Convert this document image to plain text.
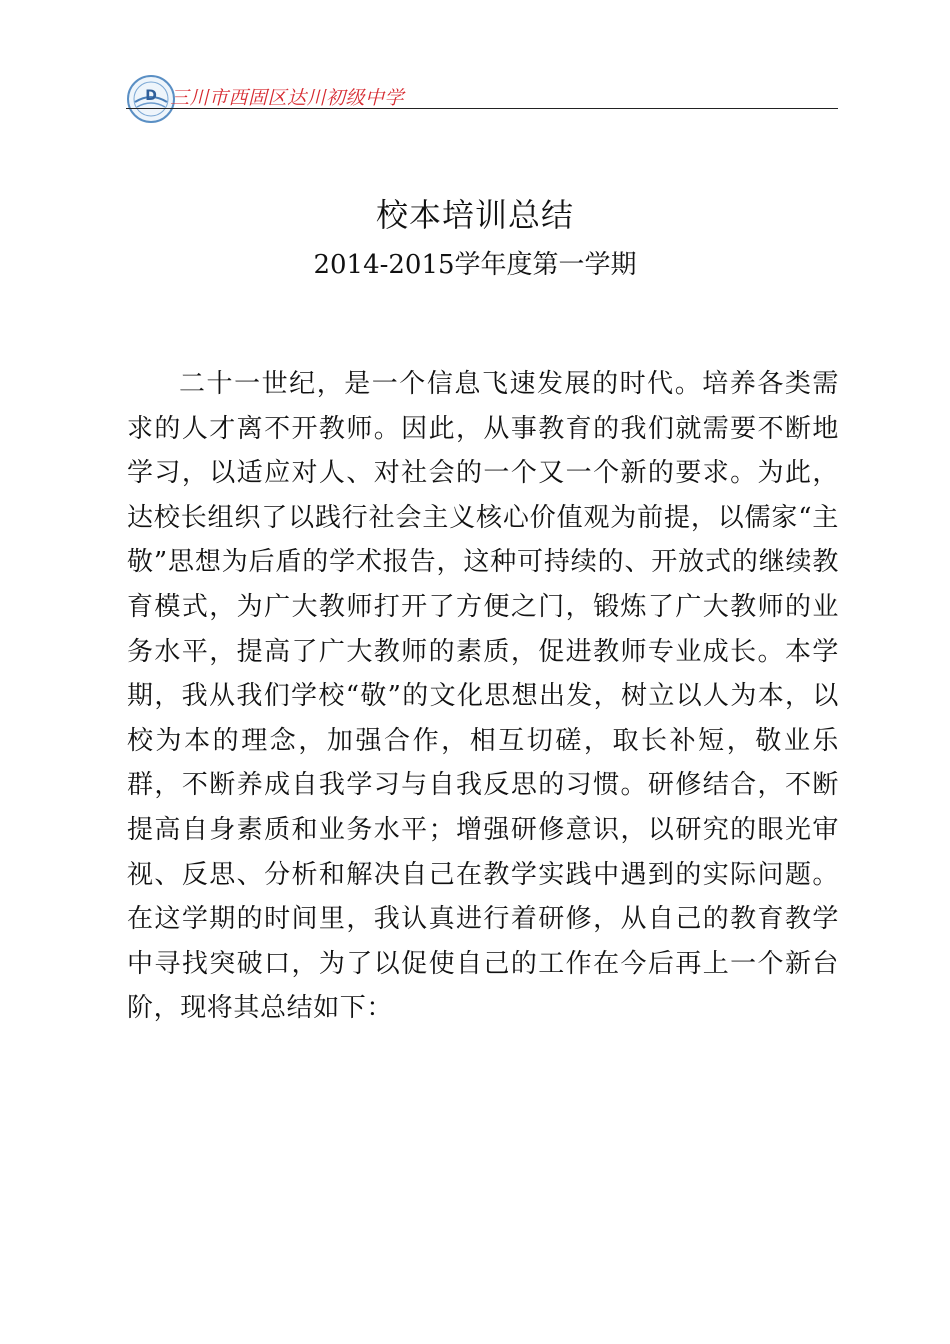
D 三川市西固区达川初级中学
校本培训总结
2014-2015学年度第一学期

二十一世纪，是一个信息飞速发展的时代。培养各类需求的人才离不开教师。因此，从事教育的我们就需要不断地学习，以适应对人、对社会的一个又一个新的要求。为此，达校长组织了以践行社会主义核心价值观为前提，以儒家“主敬”思想为后盾的学术报告，这种可持续的、开放式的继续教育模式，为广大教师打开了方便之门，锻炼了广大教师的业务水平，提高了广大教师的素质，促进教师专业成长。本学期，我从我们学校“敬”的文化思想出发，树立以人为本，以校为本的理念，加强合作，相互切磋，取长补短，敬业乐群，不断养成自我学习与自我反思的习惯。研修结合，不断提高自身素质和业务水平；增强研修意识，以研究的眼光审视、反思、分析和解决自己在教学实践中遇到的实际问题。在这学期的时间里，我认真进行着研修，从自己的教育教学中寻找突破口，为了以促使自己的工作在今后再上一个新台阶，现将其总结如下：
